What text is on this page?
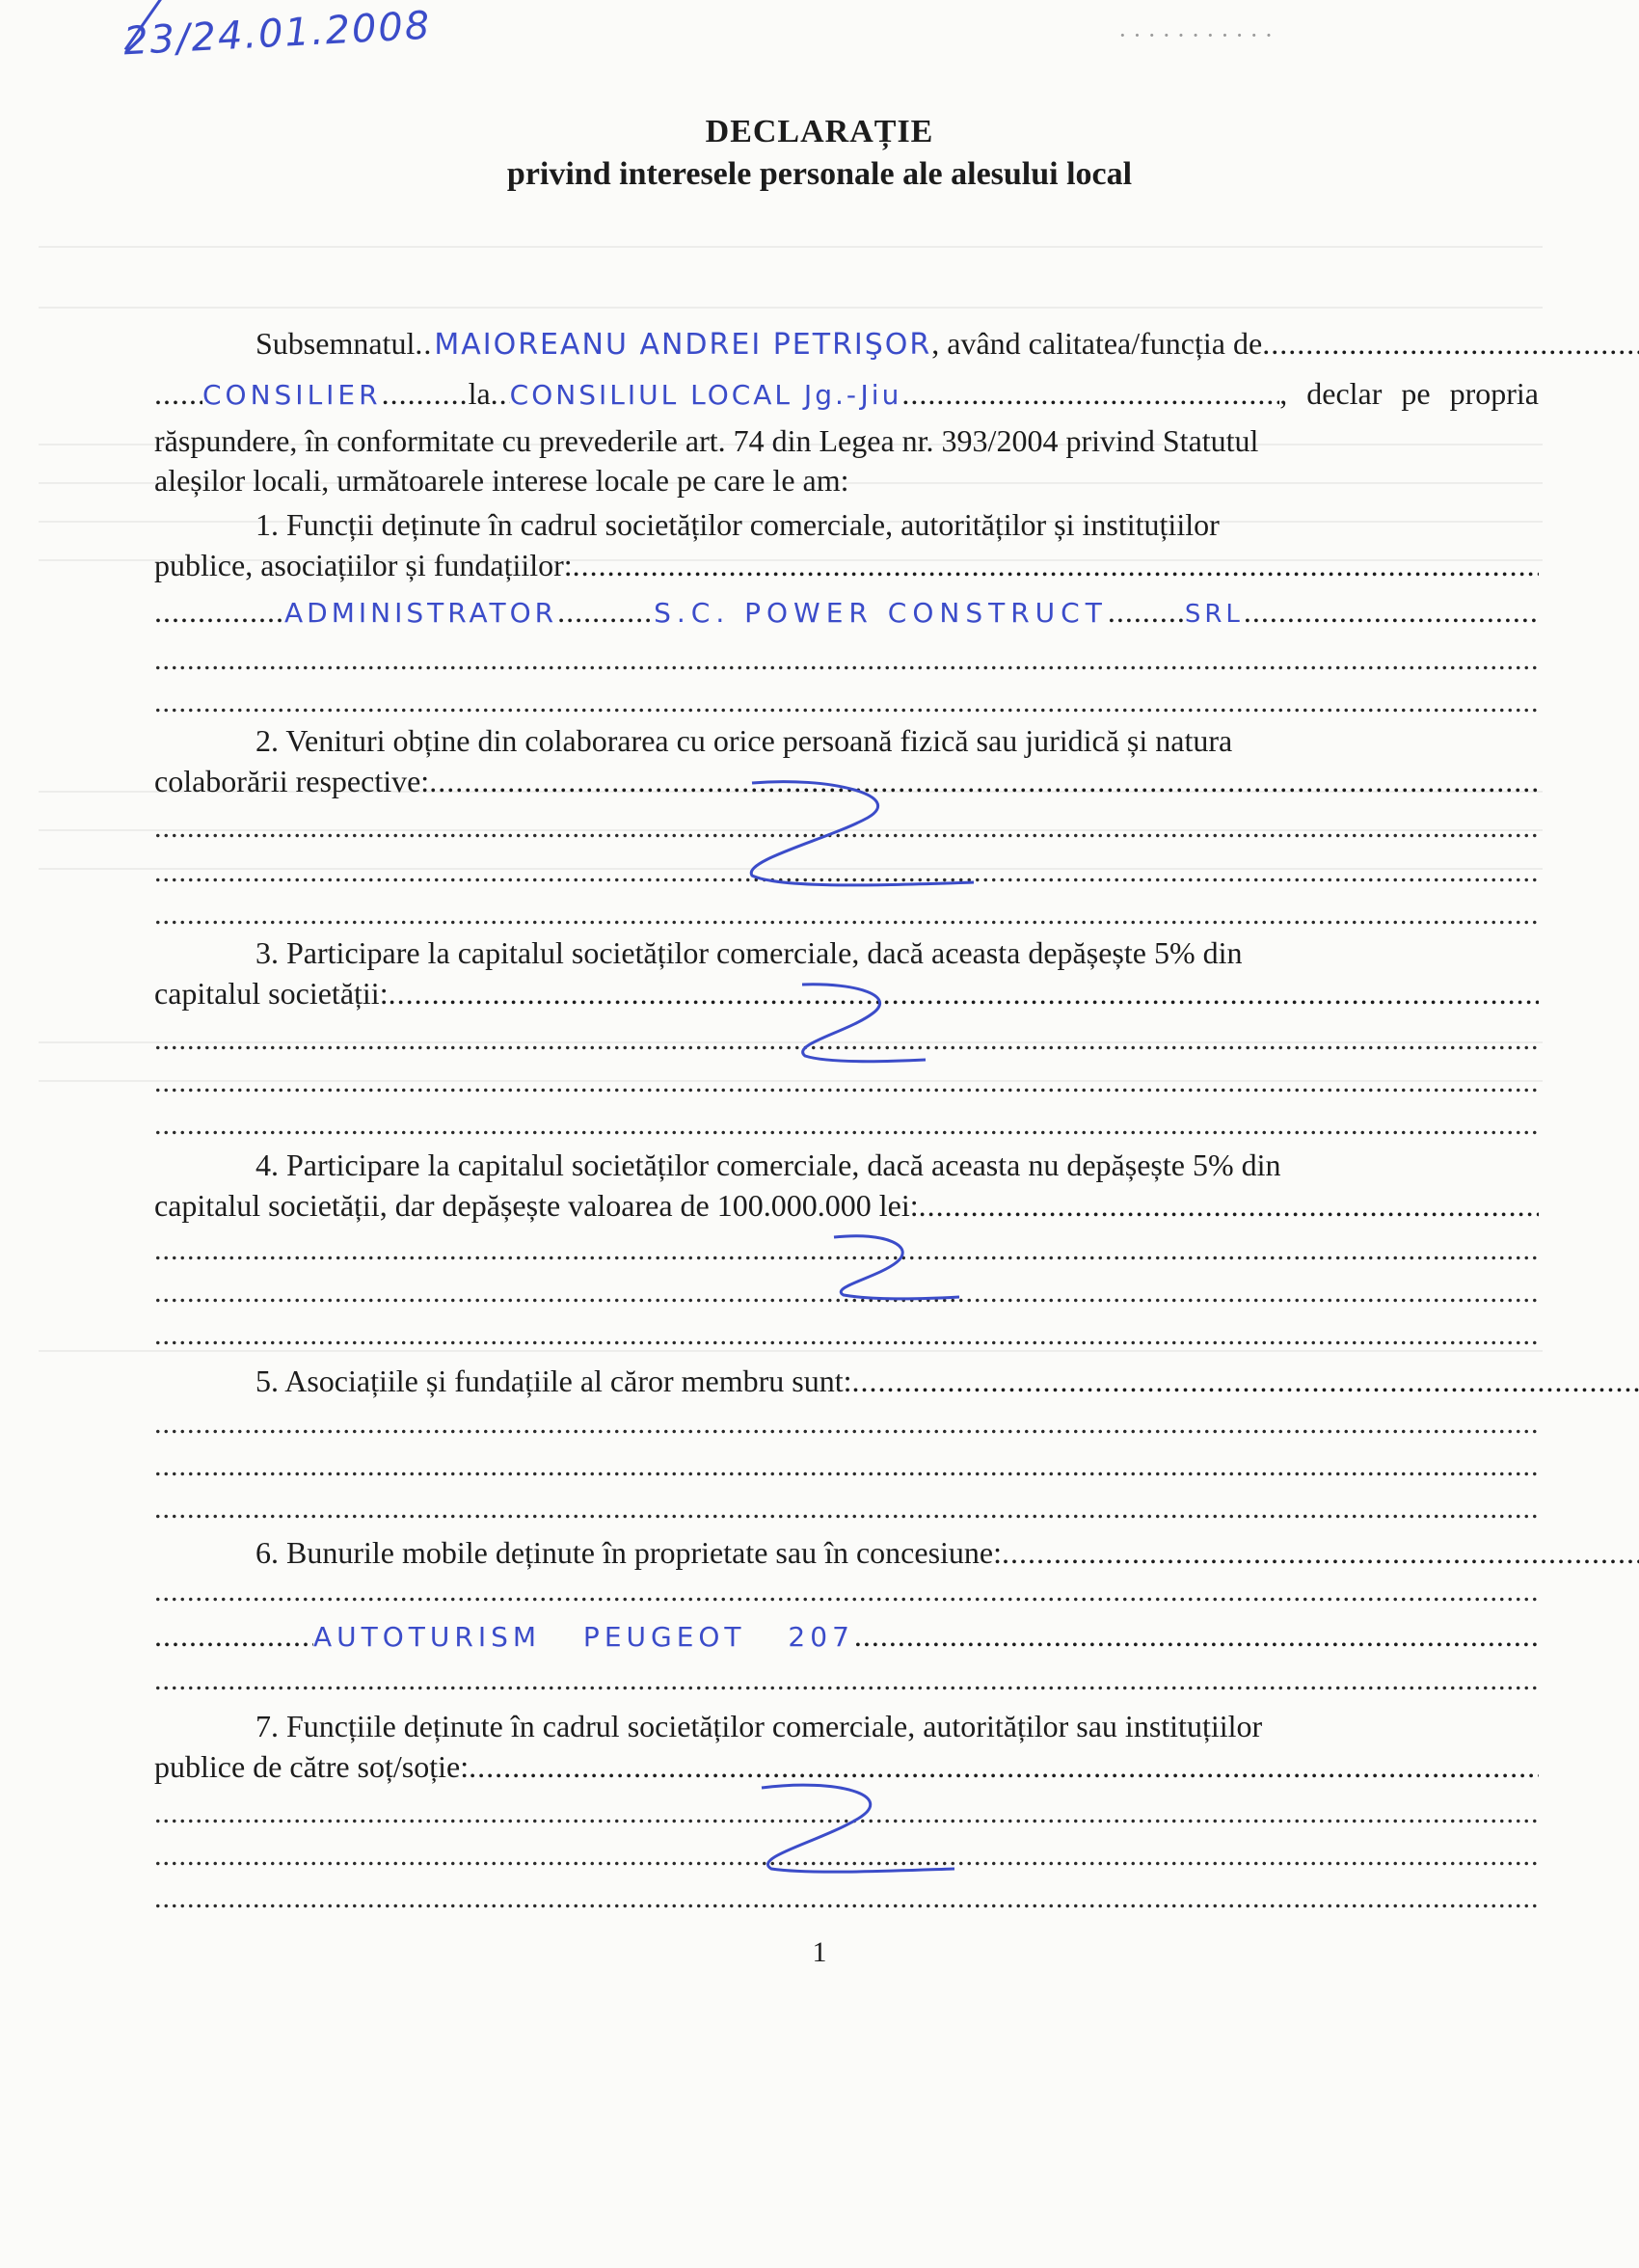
23/24.01.2008	· · · · · · · · · · ·
DECLARAȚIE
privind interesele personale ale alesului local
Subsemnatul ..... MAIOREANU ANDREI PETRIŞOR , având calitatea/funcția de
.....
.....
CONSILIER .....	la ..... CONSILIUL LOCAL Jg.-Jiu .....	, declar pe propria
răspundere, în conformitate cu prevederile art. 74 din Legea nr. 393/2004 privind Statutul
aleșilor locali, următoarele interese locale pe care le am:
1. Funcții deținute în cadrul societăților comerciale, autorităților și instituțiilor
publice, asociațiilor și fundațiilor:
.....
.....
ADMINISTRATOR .....	S.C. POWER CONSTRUCT .....	SRL
.....
.....
.....
2. Venituri obține din colaborarea cu orice persoană fizică sau juridică și natura
colaborării respective:
.....
.....
.....
.....
3. Participare la capitalul societăților comerciale, dacă aceasta depășește 5% din
capitalul societății:
.....
.....
.....
.....
4. Participare la capitalul societăților comerciale, dacă aceasta nu depășește 5% din
capitalul societății, dar depășește valoarea de 100.000.000 lei:
.....
.....
.....
.....
5. Asociațiile și fundațiile al căror membru sunt:
.....
.....
.....
.....
6. Bunurile mobile deținute în proprietate sau în concesiune:
.....
.....
.....
AUTOTURISM PEUGEOT 207
.....
.....
7. Funcțiile deținute în cadrul societăților comerciale, autorităților sau instituțiilor
publice de către soț/soție:
.....
.....
.....
.....
1
